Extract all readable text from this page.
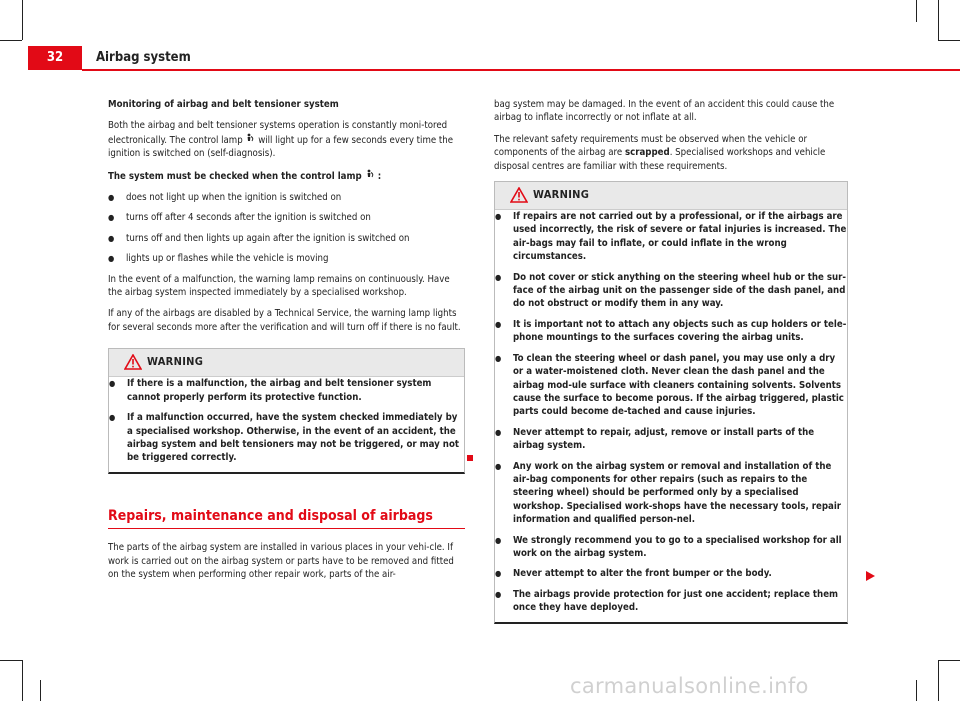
32	Airbag system

Monitoring of airbag and belt tensioner system

Both the airbag and belt tensioner systems operation is constantly moni-tored electronically. The control lamp will light up for a few seconds every time the ignition is switched on (self-diagnosis).

The system must be checked when the control lamp :

● does not light up when the ignition is switched on
● turns off after 4 seconds after the ignition is switched on
● turns off and then lights up again after the ignition is switched on
● lights up or flashes while the vehicle is moving

In the event of a malfunction, the warning lamp remains on continuously. Have the airbag system inspected immediately by a specialised workshop.

If any of the airbags are disabled by a Technical Service, the warning lamp lights for several seconds more after the verification and will turn off if there is no fault.

WARNING
● If there is a malfunction, the airbag and belt tensioner system cannot properly perform its protective function.
● If a malfunction occurred, have the system checked immediately by a specialised workshop. Otherwise, in the event of an accident, the airbag system and belt tensioners may not be triggered, or may not be triggered correctly.
Repairs, maintenance and disposal of airbags

The parts of the airbag system are installed in various places in your vehi-cle. If work is carried out on the airbag system or parts have to be removed and fitted on the system when performing other repair work, parts of the air-

bag system may be damaged. In the event of an accident this could cause the airbag to inflate incorrectly or not inflate at all.

The relevant safety requirements must be observed when the vehicle or components of the airbag are scrapped. Specialised workshops and vehicle disposal centres are familiar with these requirements.

WARNING
● If repairs are not carried out by a professional, or if the airbags are used incorrectly, the risk of severe or fatal injuries is increased. The air-bags may fail to inflate, or could inflate in the wrong circumstances.
● Do not cover or stick anything on the steering wheel hub or the sur-face of the airbag unit on the passenger side of the dash panel, and do not obstruct or modify them in any way.
● It is important not to attach any objects such as cup holders or tele-phone mountings to the surfaces covering the airbag units.
● To clean the steering wheel or dash panel, you may use only a dry or a water-moistened cloth. Never clean the dash panel and the airbag mod-ule surface with cleaners containing solvents. Solvents cause the surface to become porous. If the airbag triggered, plastic parts could become de-tached and cause injuries.
● Never attempt to repair, adjust, remove or install parts of the airbag system.
● Any work on the airbag system or removal and installation of the air-bag components for other repairs (such as repairs to the steering wheel) should be performed only by a specialised workshop. Specialised work-shops have the necessary tools, repair information and qualified person-nel.
● We strongly recommend you to go to a specialised workshop for all work on the airbag system.
● Never attempt to alter the front bumper or the body.
● The airbags provide protection for just one accident; replace them once they have deployed.
carmanualsonline.info
